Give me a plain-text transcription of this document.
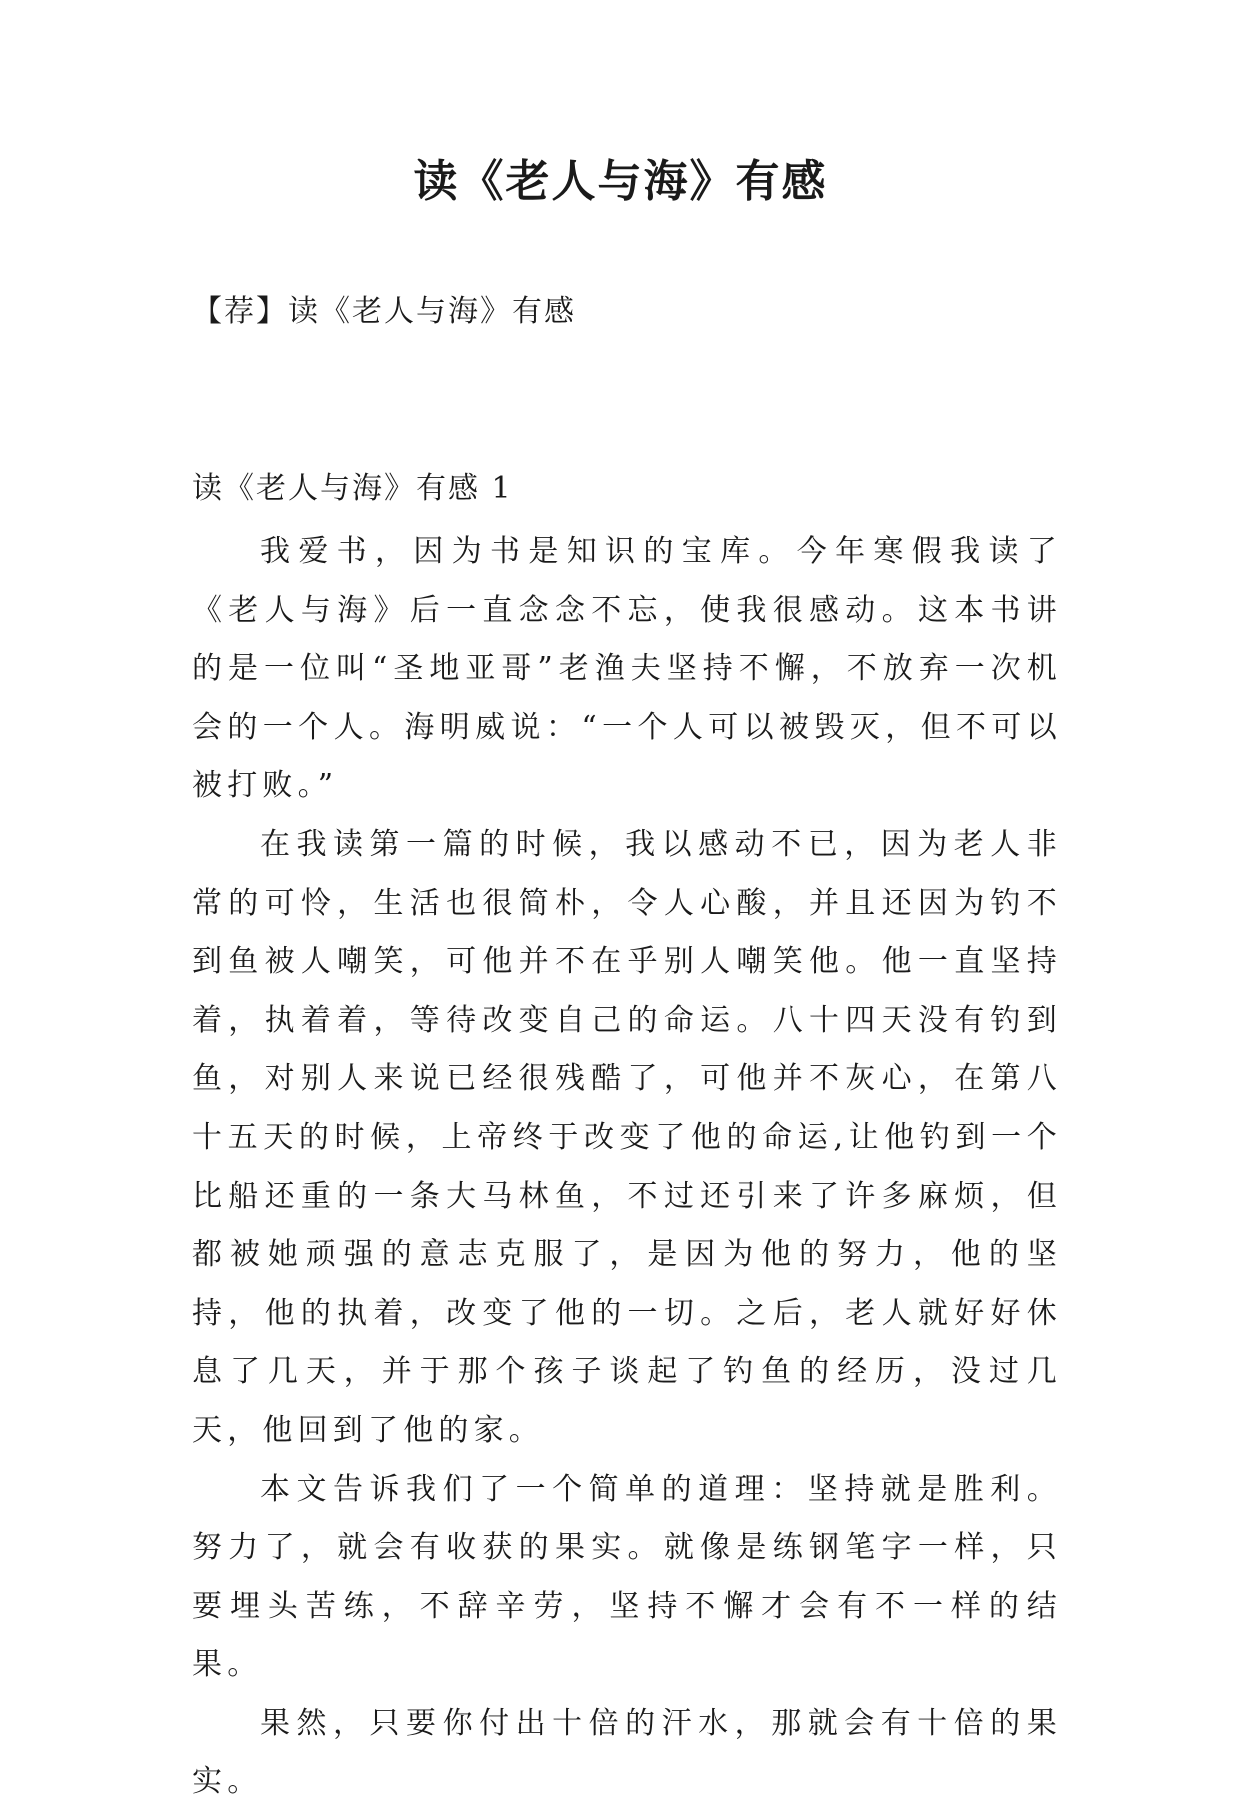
读《老人与海》有感
【荐】读《老人与海》有感
读《老人与海》有感 1

我爱书，因为书是知识的宝库。今年寒假我读了《老人与海》后一直念念不忘，使我很感动。这本书讲的是一位叫“圣地亚哥”老渔夫坚持不懈，不放弃一次机会的一个人。海明威说：“一个人可以被毁灭，但不可以被打败。”

在我读第一篇的时候，我以感动不已，因为老人非常的可怜，生活也很简朴，令人心酸，并且还因为钓不到鱼被人嘲笑，可他并不在乎别人嘲笑他。他一直坚持着，执着着，等待改变自己的命运。八十四天没有钓到鱼，对别人来说已经很残酷了，可他并不灰心，在第八十五天的时候，上帝终于改变了他的命运,让他钓到一个比船还重的一条大马林鱼，不过还引来了许多麻烦，但都被她顽强的意志克服了，是因为他的努力，他的坚持，他的执着，改变了他的一切。之后，老人就好好休息了几天，并于那个孩子谈起了钓鱼的经历，没过几天，他回到了他的家。

本文告诉我们了一个简单的道理：坚持就是胜利。努力了，就会有收获的果实。就像是练钢笔字一样，只要埋头苦练，不辞辛劳，坚持不懈才会有不一样的结果。

果然，只要你付出十倍的汗水，那就会有十倍的果实。
